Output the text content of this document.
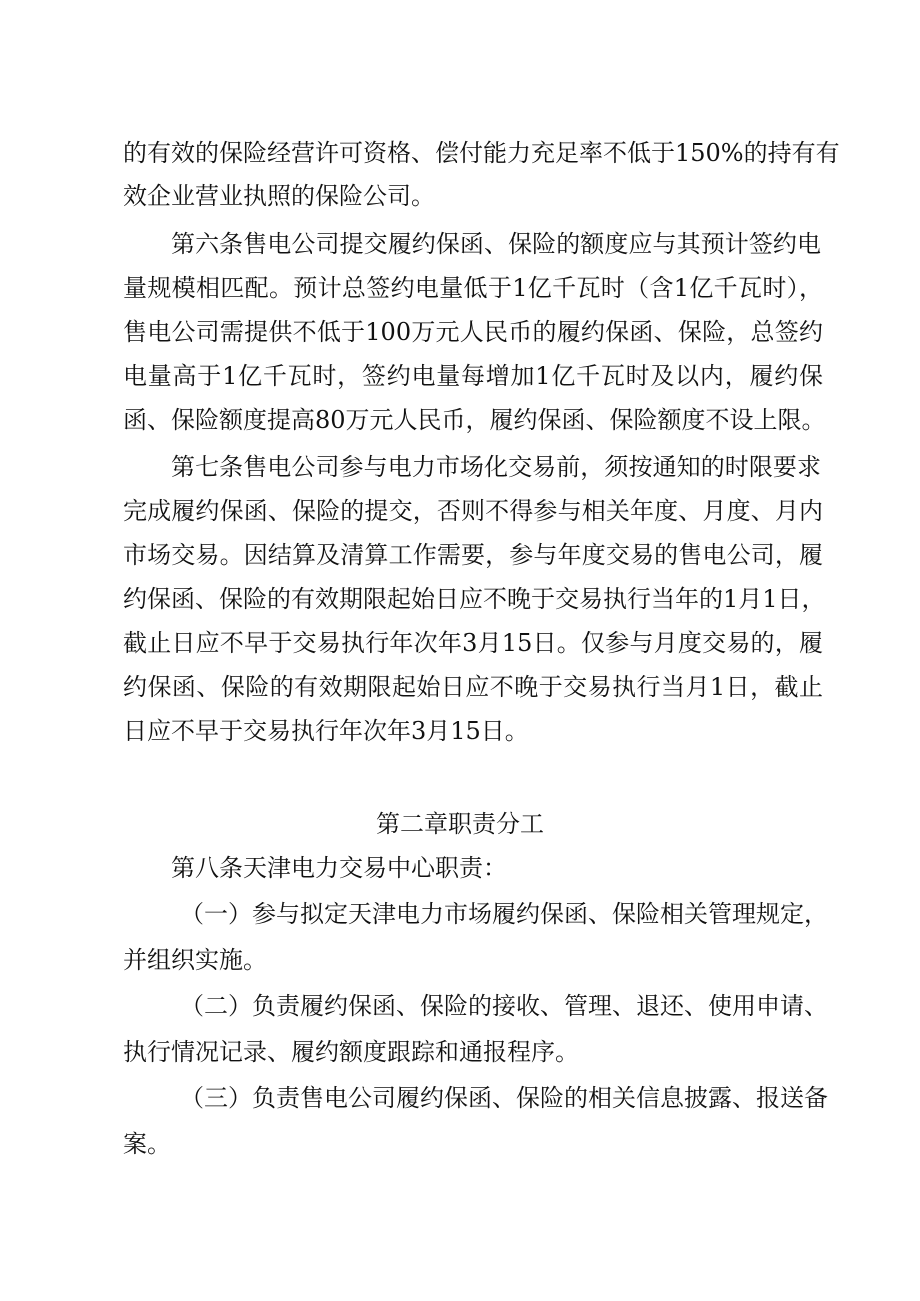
的有效的保险经营许可资格、偿付能力充足率不低于150%的持有有
效企业营业执照的保险公司。
第六条售电公司提交履约保函、保险的额度应与其预计签约电
量规模相匹配。预计总签约电量低于1亿千瓦时（含1亿千瓦时），
售电公司需提供不低于100万元人民币的履约保函、保险，总签约
电量高于1亿千瓦时，签约电量每增加1亿千瓦时及以内，履约保
函、保险额度提高80万元人民币，履约保函、保险额度不设上限。
第七条售电公司参与电力市场化交易前，须按通知的时限要求
完成履约保函、保险的提交，否则不得参与相关年度、月度、月内
市场交易。因结算及清算工作需要，参与年度交易的售电公司，履
约保函、保险的有效期限起始日应不晚于交易执行当年的1月1日，
截止日应不早于交易执行年次年3月15日。仅参与月度交易的，履
约保函、保险的有效期限起始日应不晚于交易执行当月1日，截止
日应不早于交易执行年次年3月15日。
第二章职责分工
第八条天津电力交易中心职责：
（一）参与拟定天津电力市场履约保函、保险相关管理规定，
并组织实施。
（二）负责履约保函、保险的接收、管理、退还、使用申请、
执行情况记录、履约额度跟踪和通报程序。
（三）负责售电公司履约保函、保险的相关信息披露、报送备
案。
